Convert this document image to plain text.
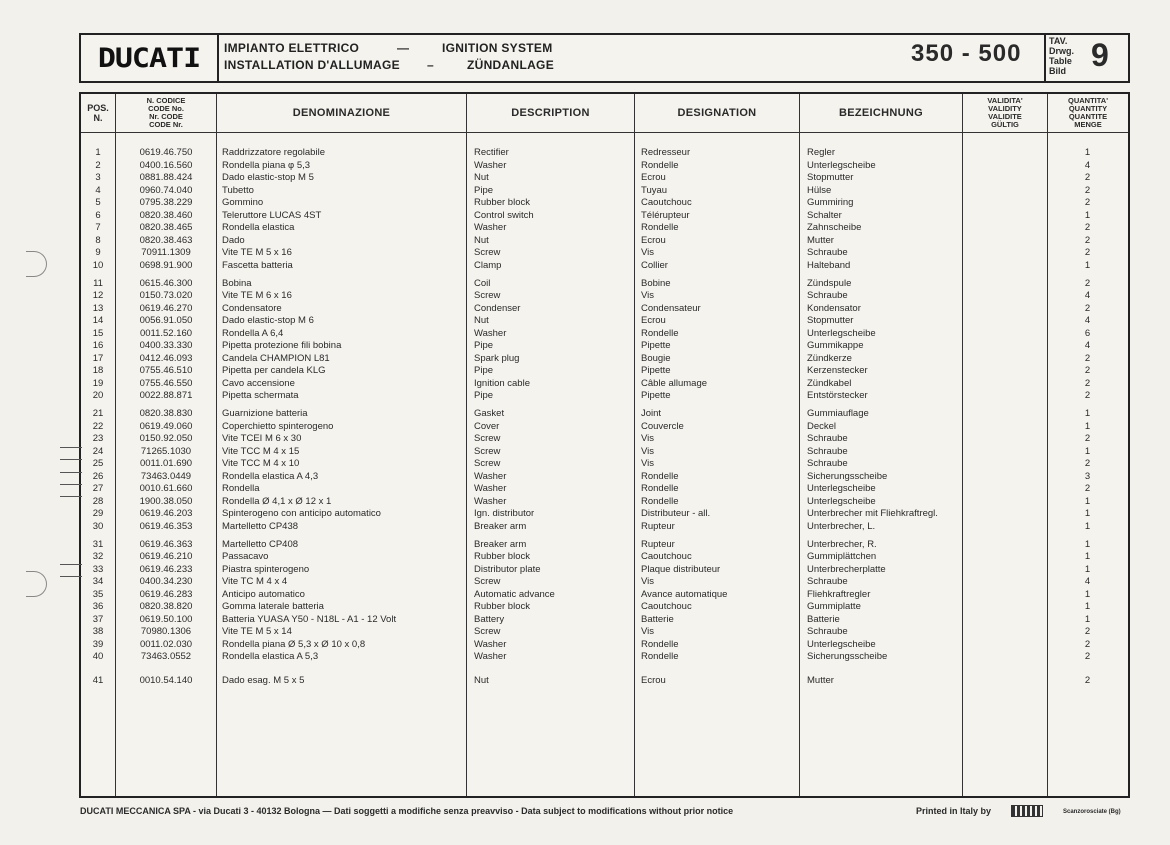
DUCATI IMPIANTO ELETTRICO	—	IGNITION SYSTEM
INSTALLATION D'ALLUMAGE –	ZÜNDANLAGE	350 - 500	TAV.
Drwg.
Table
Bild 9
POS.
N.
N. CODICE
CODE No.
Nr. CODE
CODE Nr.
DENOMINAZIONE	DESCRIPTION	DESIGNATION	BEZEICHNUNG
VALIDITA'
VALIDITY
VALIDITE
GÜLTIG
QUANTITA'
QUANTITY
QUANTITE
MENGE
1	0619.46.750	Raddrizzatore regolabile	Rectifier	Redresseur	Regler	1
2	0400.16.560	Rondella piana φ 5,3	Washer	Rondelle	Unterlegscheibe	4
3	0881.88.424	Dado elastic-stop M 5	Nut	Ecrou	Stopmutter	2
4	0960.74.040	Tubetto	Pipe	Tuyau	Hülse	2
5	0795.38.229	Gommino	Rubber block	Caoutchouc	Gummiring	2
6	0820.38.460	Teleruttore LUCAS 4ST	Control switch	Télérupteur	Schalter	1
7	0820.38.465	Rondella elastica	Washer	Rondelle	Zahnscheibe	2
8	0820.38.463	Dado	Nut	Ecrou	Mutter	2
9	70911.1309	Vite TE M 5 x 16	Screw	Vis	Schraube	2
10	0698.91.900	Fascetta batteria	Clamp	Collier	Halteband	1
11	0615.46.300	Bobina	Coil	Bobine	Zündspule	2
12	0150.73.020	Vite TE M 6 x 16	Screw	Vis	Schraube	4
13	0619.46.270	Condensatore	Condenser	Condensateur	Kondensator	2
14	0056.91.050	Dado elastic-stop M 6	Nut	Ecrou	Stopmutter	4
15	0011.52.160	Rondella A 6,4	Washer	Rondelle	Unterlegscheibe	6
16	0400.33.330	Pipetta protezione fili bobina	Pipe	Pipette	Gummikappe	4
17	0412.46.093	Candela CHAMPION L81	Spark plug	Bougie	Zündkerze	2
18	0755.46.510	Pipetta per candela KLG	Pipe	Pipette	Kerzenstecker	2
19	0755.46.550	Cavo accensione	Ignition cable	Câble allumage	Zündkabel	2
20	0022.88.871	Pipetta schermata	Pipe	Pipette	Entstörstecker	2
21	0820.38.830	Guarnizione batteria	Gasket	Joint	Gummiauflage	1
22	0619.49.060	Coperchietto spinterogeno	Cover	Couvercle	Deckel	1
23	0150.92.050	Vite TCEI M 6 x 30	Screw	Vis	Schraube	2
24	71265.1030	Vite TCC M 4 x 15	Screw	Vis	Schraube	1
25	0011.01.690	Vite TCC M 4 x 10	Screw	Vis	Schraube	2
26	73463.0449	Rondella elastica A 4,3	Washer	Rondelle	Sicherungsscheibe	3
27	0010.61.660	Rondella	Washer	Rondelle	Unterlegscheibe	2
28	1900.38.050	Rondella Ø 4,1 x Ø 12 x 1	Washer	Rondelle	Unterlegscheibe	1
29	0619.46.203	Spinterogeno con anticipo automatico	Ign. distributor	Distributeur - all.	Unterbrecher mit Fliehkraftregl.	1
30	0619.46.353	Martelletto CP438	Breaker arm	Rupteur	Unterbrecher, L.	1
31	0619.46.363	Martelletto CP408	Breaker arm	Rupteur	Unterbrecher, R.	1
32	0619.46.210	Passacavo	Rubber block	Caoutchouc	Gummiplättchen	1
33	0619.46.233	Piastra spinterogeno	Distributor plate	Plaque distributeur	Unterbrecherplatte	1
34	0400.34.230	Vite TC M 4 x 4	Screw	Vis	Schraube	4
35	0619.46.283	Anticipo automatico	Automatic advance	Avance automatique	Fliehkraftregler	1
36	0820.38.820	Gomma laterale batteria	Rubber block	Caoutchouc	Gummiplatte	1
37	0619.50.100	Batteria YUASA Y50 - N18L - A1 - 12 Volt	Battery	Batterie	Batterie	1
38	70980.1306	Vite TE M 5 x 14	Screw	Vis	Schraube	2
39	0011.02.030	Rondella piana Ø 5,3 x Ø 10 x 0,8	Washer	Rondelle	Unterlegscheibe	2
40	73463.0552	Rondella elastica A 5,3	Washer	Rondelle	Sicherungsscheibe	2
41	0010.54.140	Dado esag. M 5 x 5	Nut	Ecrou	Mutter	2
DUCATI MECCANICA SPA - via Ducati 3 - 40132 Bologna — Dati soggetti a modifiche senza preavviso - Data subject to modifications without prior notice	Printed in Italy by	Scanzorosciate (Bg)
